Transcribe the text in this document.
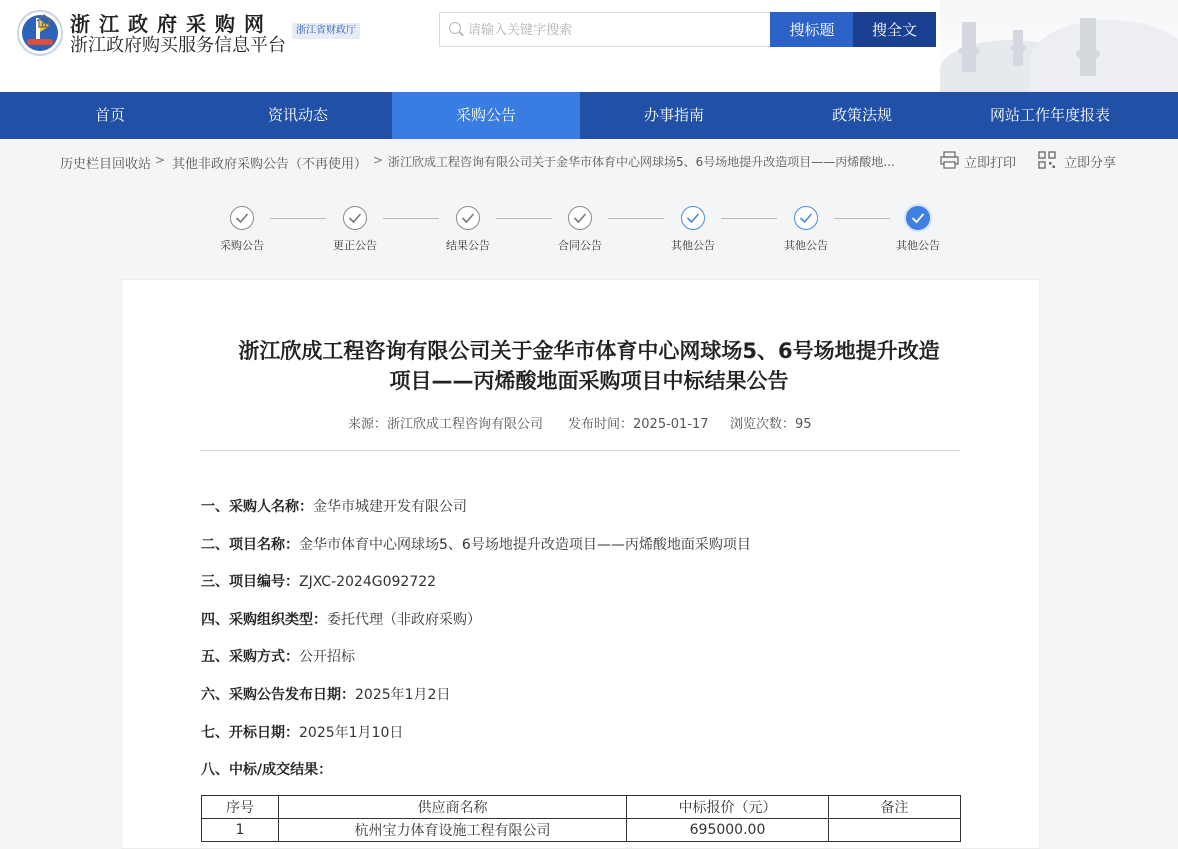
浙江政府采购网
浙江政府购买服务信息平台
浙江省财政厅
请输入关键字搜索	搜标题	搜全文
首页	资讯动态	采购公告	办事指南	政策法规	网站工作年度报表
历史栏目回收站 > 其他非政府采购公告（不再使用） > 浙江欣成工程咨询有限公司关于金华市体育中心网球场5、6号场地提升改造项目——丙烯酸地...	立即打印	立即分享
采购公告	更正公告	结果公告	合同公告	其他公告	其他公告	其他公告
浙江欣成工程咨询有限公司关于金华市体育中心网球场5、6号场地提升改造
项目——丙烯酸地面采购项目中标结果公告
来源：浙江欣成工程咨询有限公司 发布时间：2025-01-17 浏览次数：95
一、采购人名称：金华市城建开发有限公司
二、项目名称：金华市体育中心网球场5、6号场地提升改造项目——丙烯酸地面采购项目
三、项目编号：ZJXC-2024G092722
四、采购组织类型：委托代理（非政府采购）
五、采购方式：公开招标
六、采购公告发布日期：2025年1月2日
七、开标日期：2025年1月10日
八、中标/成交结果：
序号	供应商名称	中标报价（元）	备注
1	杭州宝力体育设施工程有限公司	695000.00	
